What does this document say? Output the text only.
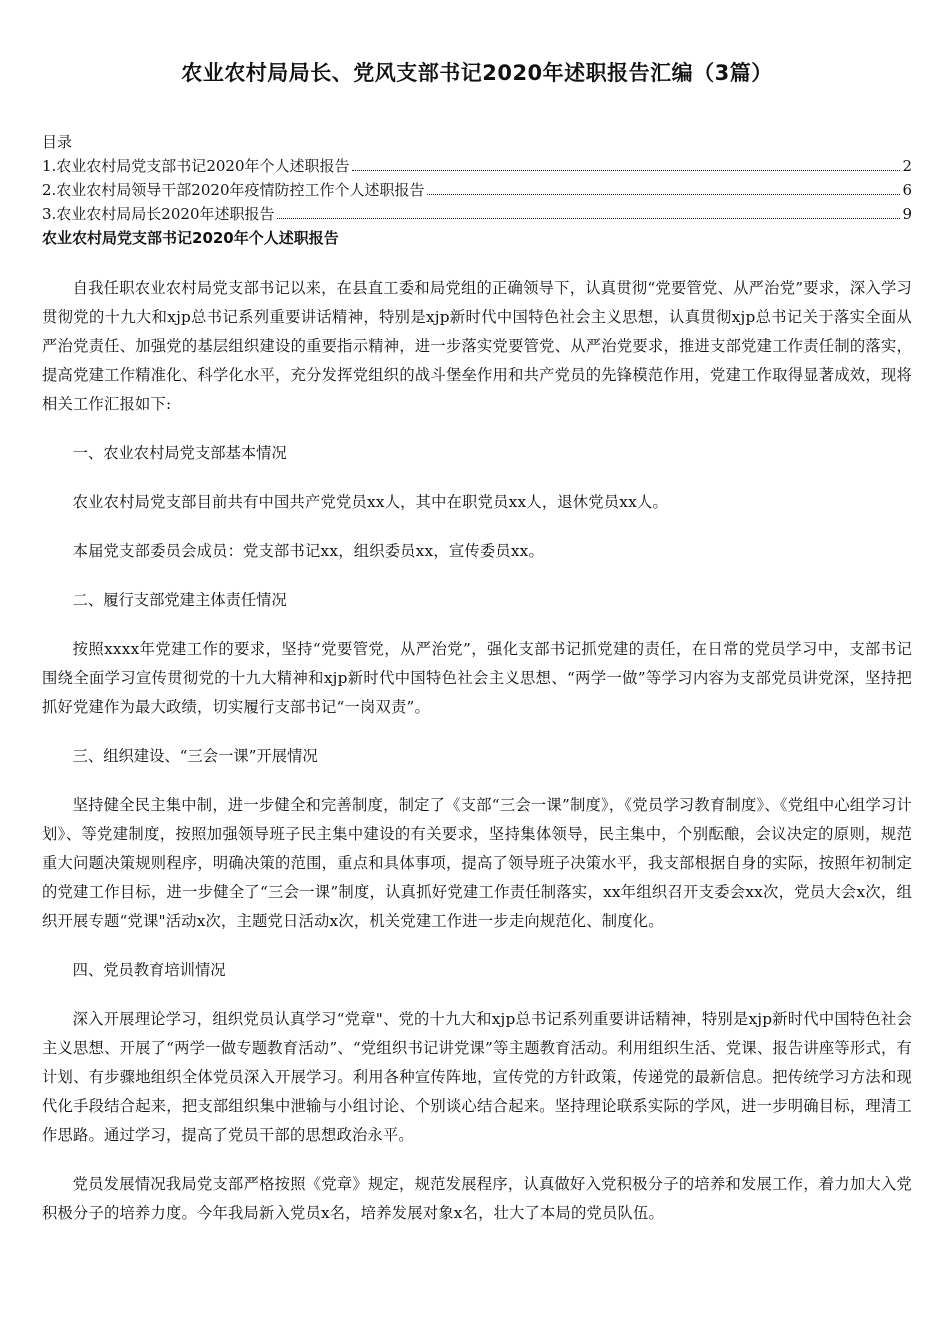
农业农村局局长、党风支部书记2020年述职报告汇编（3篇）

目录

1.农业农村局党支部书记2020年个人述职报告	2
2.农业农村局领导干部2020年疫情防控工作个人述职报告	6
3.农业农村局局长2020年述职报告	9
农业农村局党支部书记2020年个人述职报告

自我任职农业农村局党支部书记以来，在县直工委和局党组的正确领导下，认真贯彻“党要管党、从严治党”要求，深入学习贯彻党的十九大和xjp总书记系列重要讲话精神，特别是xjp新时代中国特色社会主义思想，认真贯彻xjp总书记关于落实全面从严治党责任、加强党的基层组织建设的重要指示精神，进一步落实党要管党、从严治党要求，推进支部党建工作责任制的落实，提高党建工作精准化、科学化水平，充分发挥党组织的战斗堡垒作用和共产党员的先锋模范作用，党建工作取得显著成效，现将相关工作汇报如下:

一、农业农村局党支部基本情况

农业农村局党支部目前共有中国共产党党员xx人，其中在职党员xx人，退休党员xx人。

本届党支部委员会成员：党支部书记xx，组织委员xx，宣传委员xx。

二、履行支部党建主体责任情况

按照xxxx年党建工作的要求，坚持“党要管党，从严治党”，强化支部书记抓党建的责任，在日常的党员学习中，支部书记围绕全面学习宣传贯彻党的十九大精神和xjp新时代中国特色社会主义思想、“两学一做”等学习内容为支部党员讲党深，坚持把抓好党建作为最大政绩，切实履行支部书记“一岗双责”。

三、组织建设、“三会一课”开展情况

坚持健全民主集中制，进一步健全和完善制度，制定了《支部“三会一课”制度》，《党员学习教育制度》、《党组中心组学习计划》、等党建制度，按照加强领导班子民主集中建设的有关要求，坚持集体领导，民主集中，个别酝酿，会议决定的原则，规范重大问题决策规则程序，明确决策的范围，重点和具体事项，提高了领导班子决策水平，我支部根据自身的实际，按照年初制定的党建工作目标，进一步健全了“三会一课”制度，认真抓好党建工作责任制落实，xx年组织召开支委会xx次，党员大会x次，组织开展专题“党课"活动x次，主题党日活动x次，机关党建工作进一步走向规范化、制度化。

四、党员教育培训情况

深入开展理论学习，组织党员认真学习“党章"、党的十九大和xjp总书记系列重要讲话精神，特别是xjp新时代中国特色社会主义思想、开展了“两学一做专题教育活动”、“党组织书记讲党课”等主题教育活动。利用组织生活、党课、报告讲座等形式，有计划、有步骤地组织全体党员深入开展学习。利用各种宣传阵地，宣传党的方针政策，传递党的最新信息。把传统学习方法和现代化手段结合起来，把支部组织集中泄输与小组讨论、个别谈心结合起来。坚持理论联系实际的学风，进一步明确目标，理清工作思路。通过学习，提高了党员干部的思想政治永平。

党员发展情况我局党支部严格按照《党章》规定，规范发展程序，认真做好入党积极分子的培养和发展工作，着力加大入党积极分子的培养力度。今年我局新入党员x名，培养发展对象x名，壮大了本局的党员队伍。
